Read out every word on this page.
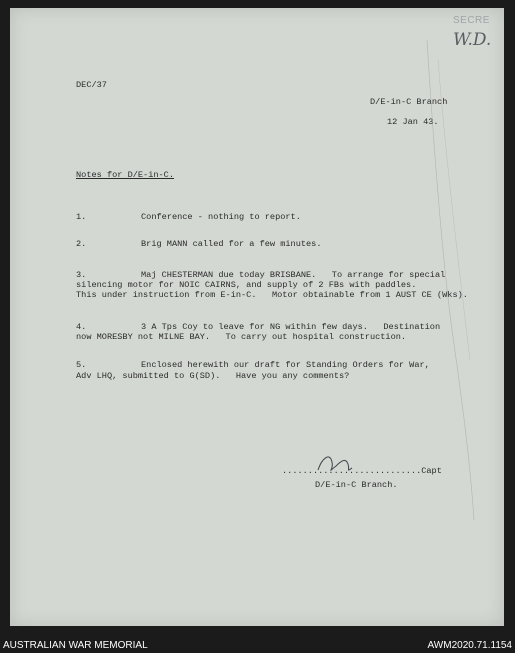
SECRE
W.D.
DEC/37
D/E-in-C Branch
12 Jan 43.
Notes for D/E-in-C.
1.	Conference - nothing to report.
2.	Brig MANN called for a few minutes.
3.	Maj CHESTERMAN due today BRISBANE.   To arrange for special
silencing motor for NOIC CAIRNS, and supply of 2 FBs with paddles.
This under instruction from E-in-C.   Motor obtainable from 1 AUST CE (Wks).
4.	3 A Tps Coy to leave for NG within few days.   Destination
now MORESBY not MILNE BAY.   To carry out hospital construction.
5.	Enclosed herewith our draft for Standing Orders for War,
Adv LHQ, submitted to G(SD).   Have you any comments?
...........................Capt
D/E-in-C Branch.
AUSTRALIAN WAR MEMORIAL	AWM2020.71.1154
